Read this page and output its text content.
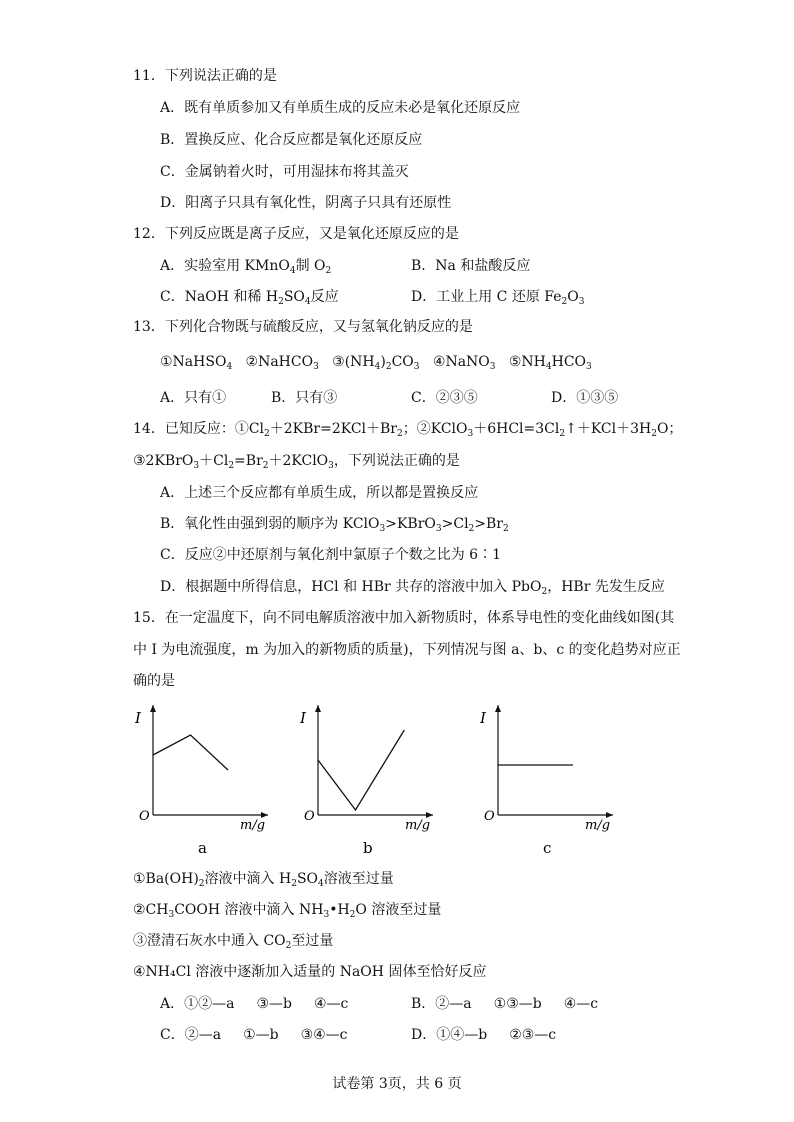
11．下列说法正确的是
A．既有单质参加又有单质生成的反应未必是氧化还原反应
B．置换反应、化合反应都是氧化还原反应
C．金属钠着火时，可用湿抹布将其盖灭
D．阳离子只具有氧化性，阴离子只具有还原性
12．下列反应既是离子反应，又是氧化还原反应的是
A．实验室用 KMnO$_4$制 $O_2$	B．Na 和盐酸反应
C．NaOH 和稀 $H_2SO_4$反应	D．工业上用 C 还原 $Fe_2O_3$
13．下列化合物既与硫酸反应，又与氢氧化钠反应的是
①NaHSO$_4$ ②NaHCO$_3$ $③(NH_4)_2CO_3$ ④NaNO$_3$ $⑤NH_4HCO_3$
A．只有①	B．只有③	C．②③⑤	D．①③⑤
14．已知反应：$①Cl_2+2KBr=2KCl+Br_2$；$②KClO_3+6HCl=3Cl_2↑+KCl+3H_2O$；
$③2KBrO_3+Cl_2=Br_2+2KClO_3$，下列说法正确的是
A．上述三个反应都有单质生成，所以都是置换反应
B．氧化性由强到弱的顺序为 $KClO_3>KBrO_3>Cl_2>Br_2$
C．反应②中还原剂与氧化剂中氯原子个数之比为 6∶1
D．根据题中所得信息，HCl 和 HBr 共存的溶液中加入 PbO$_2$，HBr 先发生反应
15．在一定温度下，向不同电解质溶液中加入新物质时，体系导电性的变化曲线如图(其
中 I 为电流强度，m 为加入的新物质的质量)，下列情况与图 a、b、c 的变化趋势对应正
确的是
I
O
m/g
a
I
O
m/g
b
I
O
m/g
c
$①Ba(OH)_2$溶液中滴入 $H_2SO_4$溶液至过量
$②CH_3COOH$ 溶液中滴入 $NH_3•H_2O$ 溶液至过量
③澄清石灰水中通入 $CO_2$至过量
④NH₄Cl 溶液中逐渐加入适量的 NaOH 固体至恰好反应
A．①②—a ③—b ④—c	B．②—a ①③—b ④—c
C．②—a ①—b ③④—c	D．①④—b ②③—c
试卷第 3页，共 6 页
